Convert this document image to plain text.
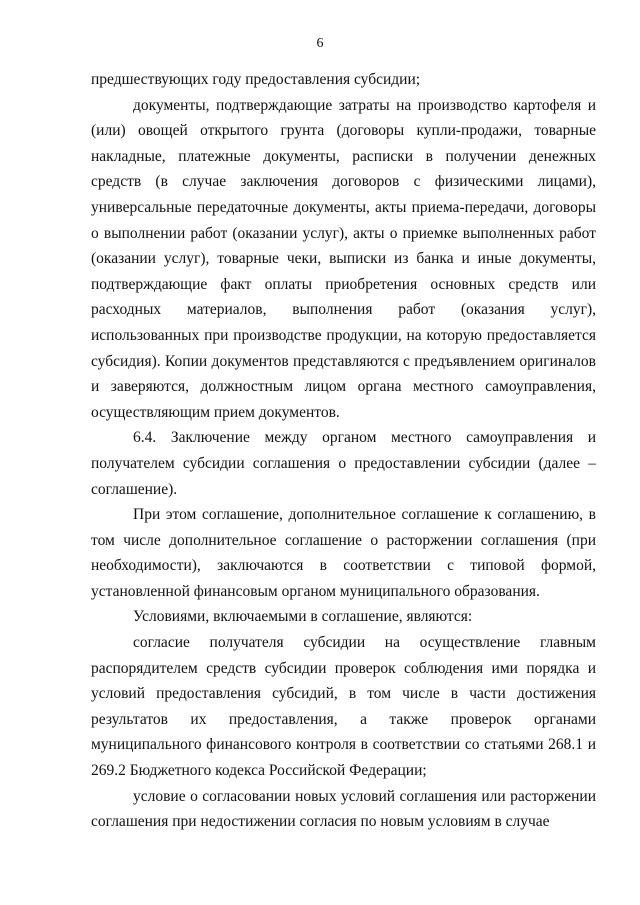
6

предшествующих году предоставления субсидии;

документы, подтверждающие затраты на производство картофеля и (или) овощей открытого грунта (договоры купли-продажи, товарные накладные, платежные документы, расписки в получении денежных средств (в случае заключения договоров с физическими лицами), универсальные передаточные документы, акты приема-передачи, договоры о выполнении работ (оказании услуг), акты о приемке выполненных работ (оказании услуг), товарные чеки, выписки из банка и иные документы, подтверждающие факт оплаты приобретения основных средств или расходных материалов, выполнения работ (оказания услуг), использованных при производстве продукции, на которую предоставляется субсидия). Копии документов представляются с предъявлением оригиналов и заверяются, должностным лицом органа местного самоуправления, осуществляющим прием документов.

6.4. Заключение между органом местного самоуправления и получателем субсидии соглашения о предоставлении субсидии (далее – соглашение).

При этом соглашение, дополнительное соглашение к соглашению, в том числе дополнительное соглашение о расторжении соглашения (при необходимости), заключаются в соответствии с типовой формой, установленной финансовым органом муниципального образования.

Условиями, включаемыми в соглашение, являются:

согласие получателя субсидии на осуществление главным распорядителем средств субсидии проверок соблюдения ими порядка и условий предоставления субсидий, в том числе в части достижения результатов их предоставления, а также проверок органами муниципального финансового контроля в соответствии со статьями 268.1 и 269.2 Бюджетного кодекса Российской Федерации;

условие о согласовании новых условий соглашения или расторжении соглашения при недостижении согласия по новым условиям в случае
